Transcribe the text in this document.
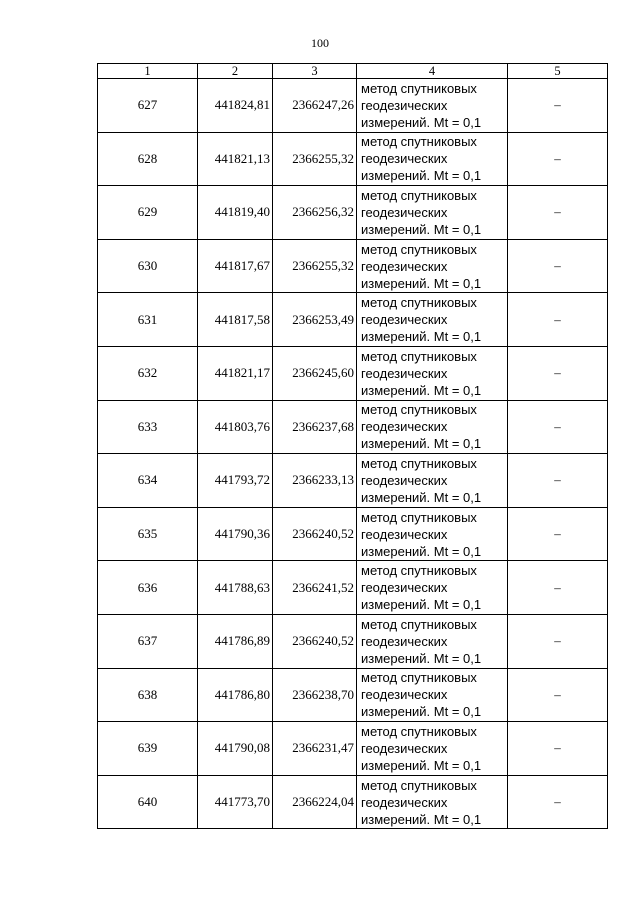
100
1	2	3	4	5
627	441824,81	2366247,26	метод спутниковых
геодезических
измерений. Mt = 0,1	–
628	441821,13	2366255,32	метод спутниковых
геодезических
измерений. Mt = 0,1	–
629	441819,40	2366256,32	метод спутниковых
геодезических
измерений. Mt = 0,1	–
630	441817,67	2366255,32	метод спутниковых
геодезических
измерений. Mt = 0,1	–
631	441817,58	2366253,49	метод спутниковых
геодезических
измерений. Mt = 0,1	–
632	441821,17	2366245,60	метод спутниковых
геодезических
измерений. Mt = 0,1	–
633	441803,76	2366237,68	метод спутниковых
геодезических
измерений. Mt = 0,1	–
634	441793,72	2366233,13	метод спутниковых
геодезических
измерений. Mt = 0,1	–
635	441790,36	2366240,52	метод спутниковых
геодезических
измерений. Mt = 0,1	–
636	441788,63	2366241,52	метод спутниковых
геодезических
измерений. Mt = 0,1	–
637	441786,89	2366240,52	метод спутниковых
геодезических
измерений. Mt = 0,1	–
638	441786,80	2366238,70	метод спутниковых
геодезических
измерений. Mt = 0,1	–
639	441790,08	2366231,47	метод спутниковых
геодезических
измерений. Mt = 0,1	–
640	441773,70	2366224,04	метод спутниковых
геодезических
измерений. Mt = 0,1	–
